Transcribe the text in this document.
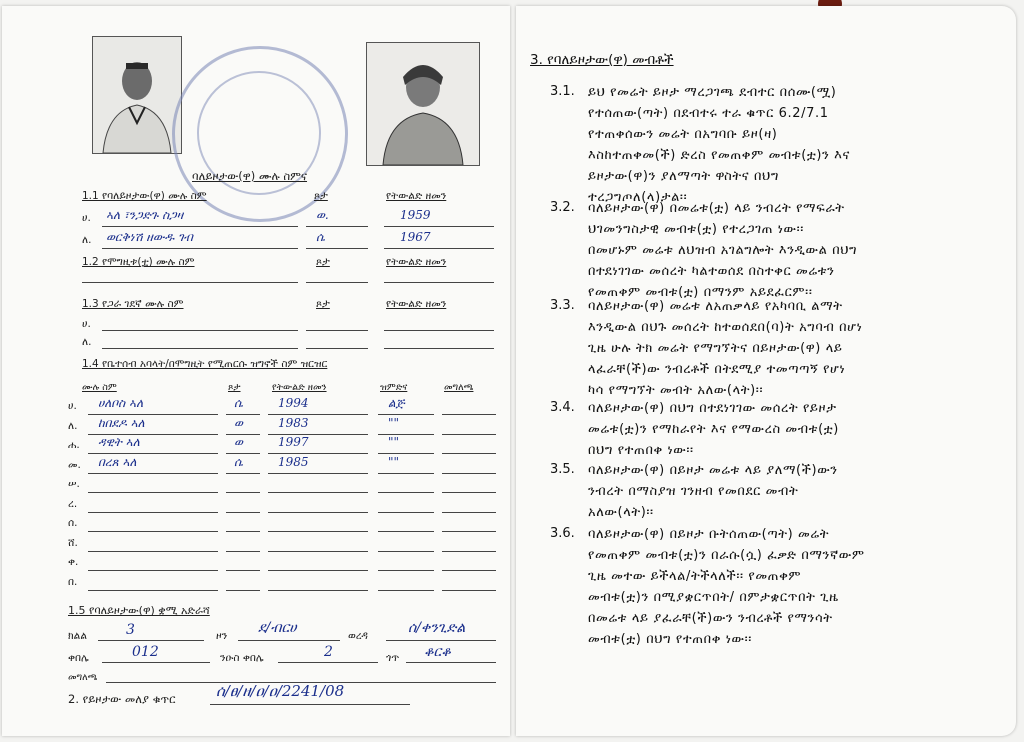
ባለይዞታው(ዋ) ሙሉ ስምና
1.1 የባለይዞታው(ዋ) ሙሉ ስም	ጾታ	የትውልድ ዘመን
ሀ. ኣለ ፣ንጋድጉ ስጋዛ	ወ.	1959
ለ. ወርቅነሽ ዘውዱ ገብ	ሴ	1967
1.2 የሞግዚቱ(ቷ) ሙሉ ስም	ጾታ	የትውልድ ዘመን
1.3 የጋራ ገደኛ ሙሉ ስም	ጾታ	የትውልድ ዘመን
ሀ.
ለ.
1.4 የቤተሰብ አባላት/በሞግዚት የሚጠርሱ ዝግኖች ስም ዝርዝር
ሙሉ ስም	ጾታ	የትውልድ ዘመን	ዝምድና	መግለጫ
1.5 የባለይዞታው(ዋ) ቋሚ አድራሻ
ክልል	3	ዞን ደ/ብርሀ	ወረዳ	ሰ/ቀንጊድል
ቀበሌ	012	ንዑስ ቀበሌ	2	ጎጥ ቆርቆ
መግለጫ
2. የይዞታው መለያ ቁጥር	ሰ/ፀ/ዘ/ዐ/ዐ/2241/08
ሀ. ሀለቦስ ኣለ	ሴ	1994	ልጅ
ለ. ከበደዶ ኣለ	ወ	1983	""
ሐ. ዳዊት ኣለ	ወ	1997	""
መ. በረጸ ኣለ	ሴ	1985	""
ሠ.
ረ.
ሰ.
ሸ.
ቀ.
በ.
3. የባለይዞታው(ዋ) መብቶች
3.1. ይህ የመሬት ይዞታ ማረጋገጫ ደብተር በሰሙ(ሟ)
የተሰጠው(ጣት) በደብተሩ ተራ ቁጥር 6.2/7.1
የተጠቀሰውን መሬት በአግባቡ ይዞ(ዛ)
እስከተጠቀመ(ች) ድረስ የመጠቀም መብቱ(ቷ)ን እና
ይዞታው(ዋ)ን ያለማጣት ዋስትና በህግ
ተረጋግጦለ(ላ)ታል፡፡
3.2. ባለይዞታው(ዋ) በመሬቱ(ቷ) ላይ ንብረት የማፍራት
ህገመንግስታዊ መብቱ(ቷ) የተረጋገጠ ነው፡፡
በመሆኑም መሬቱ ለህዝብ አገልግሎት እንዲውል በህግ
በተደነገገው መሰረት ካልተወሰደ በስተቀር መሬቱን
የመጠቀም መብቱ(ቷ) በማንም አይደፈርም፡፡
3.3. ባለይዞታው(ዋ) መሬቱ ለአጠቃላይ የአካባቢ ልማት
እንዲውል በህጉ መሰረት ከተወሰደበ(ባ)ት አግባብ በሆነ
ጊዜ ሁሉ ትክ መሬት የማግኘትና በይዞታው(ዋ) ላይ
ላፈራቸ(ች)ው ንብረቶች በትደሚያ ተመጣጣኝ የሆነ
ካሳ የማግኘት መብት አለው(ላት)፡፡
3.4. ባለይዞታው(ዋ) በህግ በተደነገገው መሰረት የይዞታ
መሬቱ(ቷ)ን የማከራየት እና የማውረስ መብቱ(ቷ)
በህግ የተጠበቀ ነው፡፡
3.5. ባለይዞታው(ዋ) በይዞታ መሬቱ ላይ ያለማ(ች)ውን
ንብረት በማስያዝ ገንዘብ የመበደር መብት
አለው(ላት)፡፡
3.6. ባለይዞታው(ዋ) በይዞታ ቡትሰጠው(ጣት) መሬት
የመጠቀም መብቱ(ቷ)ን በራሱ(ሷ) ፈቃድ በማንኛውም
ጊዜ መተው ይችላል/ትችላለች፡፡ የመጠቀም
መብቱ(ቷ)ን በሚያቋርጥበት/ በምታቋርጥበት ጊዜ
በመሬቱ ላይ ያፈራቸ(ች)ውን ንብረቶች የማንሳት
መብቱ(ቷ) በህግ የተጠበቀ ነው፡፡
